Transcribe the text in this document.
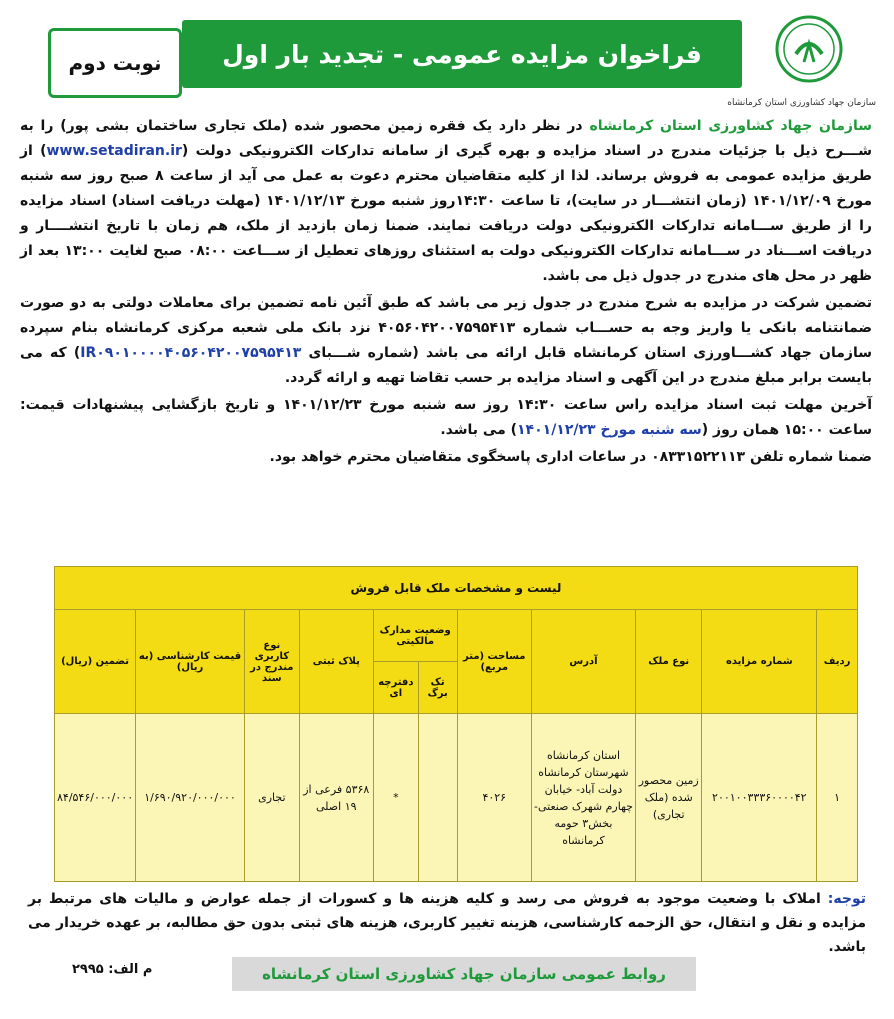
نوبت دوم فراخوان مزایده عمومی - تجدید بار اول
سازمان جهاد کشاورزی استان کرمانشاه

سازمان جهاد کشاورزی استان کرمانشاه در نظر دارد یک فقره زمین محصور شده (ملک تجاری ساختمان بشی پور) را به شـــرح ذیل با جزئیات مندرج در اسناد مزایده و بهره گیری از سامانه تدارکات الکترونیکی دولت (www.setadiran.ir) از طریق مزایده عمومی به فروش برساند. لذا از کلیه متقاضیان محترم دعوت به عمل می آید از ساعت ۸ صبح روز سه شنبه مورخ ۱۴۰۱/۱۲/۰۹ (زمان انتشـــار در سایت)، تا ساعت ۱۴:۳۰روز شنبه مورخ ۱۴۰۱/۱۲/۱۳ (مهلت دریافت اسناد) اسناد مزایده را از طریق ســـامانه تدارکات الکترونیکی دولت دریافت نمایند. ضمنا زمان بازدید از ملک، هم زمان با تاریخ انتشــــار و دریافت اســـناد در ســـامانه تدارکات الکترونیکی دولت به استثنای روزهای تعطیل از ســـاعت ۰۸:۰۰ صبح لغایت ۱۳:۰۰ بعد از ظهر در محل های مندرج در جدول ذیل می باشد.

تضمین شرکت در مزایده به شرح مندرج در جدول زیر می باشد که طبق آئین نامه تضمین برای معاملات دولتی به دو صورت ضمانتنامه بانکی یا واریز وجه به حســـاب شماره ۴۰۵۶۰۴۲۰۰۷۵۹۵۴۱۳ نزد بانک ملی شعبه مرکزی کرمانشاه بنام سپرده سازمان جهاد کشـــاورزی استان کرمانشاه قابل ارائه می باشد (شماره شـــبای IR۰۹۰۱۰۰۰۰۴۰۵۶۰۴۲۰۰۷۵۹۵۴۱۳) که می بایست برابر مبلغ مندرج در این آگهی و اسناد مزایده بر حسب تقاضا تهیه و ارائه گردد.

آخرین مهلت ثبت اسناد مزایده راس ساعت ۱۴:۳۰ روز سه شنبه مورخ ۱۴۰۱/۱۲/۲۳ و تاریخ بازگشایی پیشنهادات قیمت: ساعت ۱۵:۰۰ همان روز (سه شنبه مورخ ۱۴۰۱/۱۲/۲۳) می باشد.

ضمنا شماره تلفن ۰۸۳۳۱۵۲۲۱۱۳ در ساعات اداری پاسخگوی متقاضیان محترم خواهد بود.

لیست و مشخصات ملک قابل فروش										
ردیف	شماره مزایده	نوع ملک	آدرس	مساحت (متر مربع)	وضعیت مدارک مالکیتی		پلاک ثبتی	نوع کاربری مندرج در سند	قیمت کارشناسی (به ریال)	تضمین (ریال)
					تک برگ	دفترچه ای				
۱	۲۰۰۱۰۰۳۳۳۶۰۰۰۰۴۲	زمین محصور شده (ملک تجاری)	استان کرمانشاه شهرستان کرمانشاه دولت آباد- خیابان چهارم شهرک صنعتی- بخش۳ حومه کرمانشاه	۴۰۲۶		*	۵۳۶۸ فرعی از ۱۹ اصلی	تجاری	۱/۶۹۰/۹۲۰/۰۰۰/۰۰۰	۸۴/۵۴۶/۰۰۰/۰۰۰
توجه: املاک با وضعیت موجود به فروش می رسد و کلیه هزینه ها و کسورات از جمله عوارض و مالیات های مرتبط بر مزایده و نقل و انتقال، حق الزحمه کارشناسی، هزینه تغییر کاربری، هزینه های ثبتی بدون حق مطالبه، بر عهده خریدار می باشد.
روابط عمومی سازمان جهاد کشاورزی استان کرمانشاه
م الف: ۲۹۹۵
